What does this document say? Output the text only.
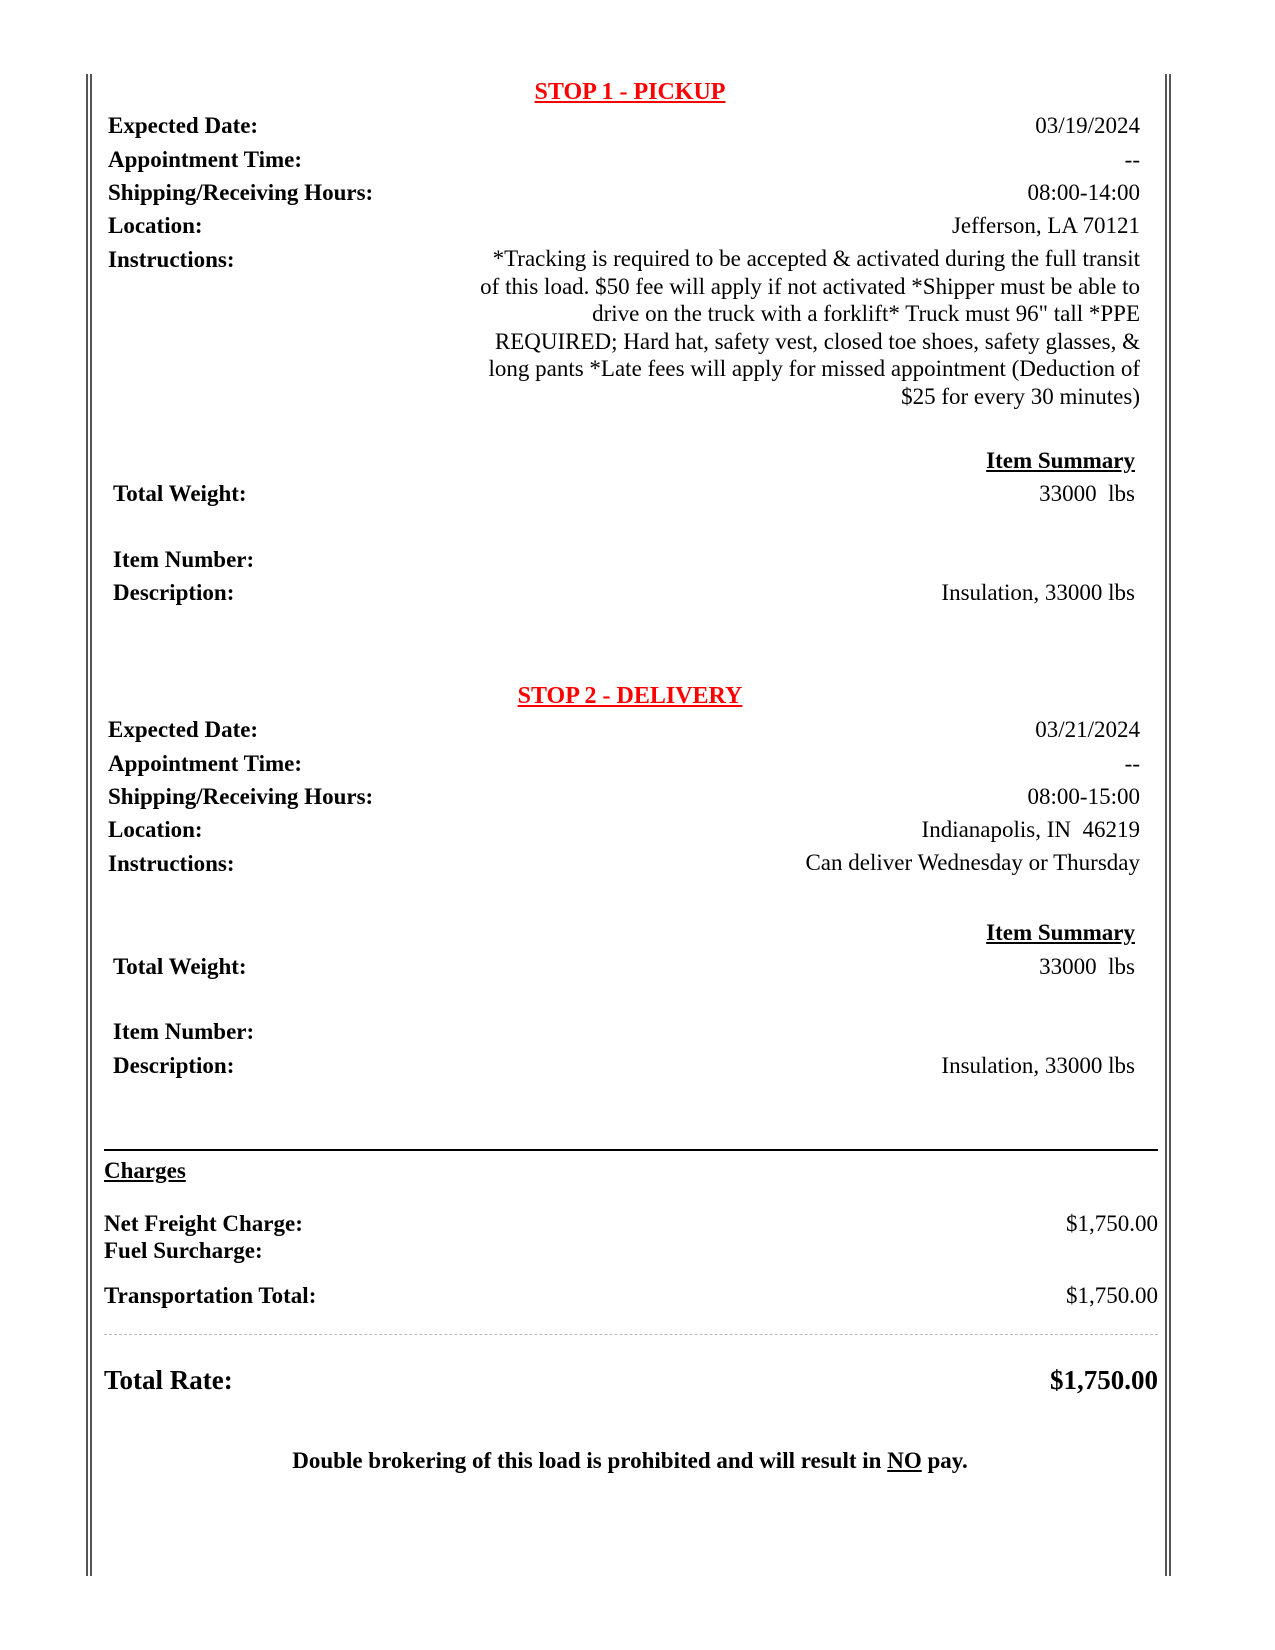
STOP 1 - PICKUP
Expected Date:	03/19/2024
Appointment Time:	--
Shipping/Receiving Hours:	08:00-14:00
Location:	Jefferson, LA 70121
Instructions:	*Tracking is required to be accepted & activated during the full transit
of this load. $50 fee will apply if not activated *Shipper must be able to
drive on the truck with a forklift* Truck must 96" tall *PPE
REQUIRED; Hard hat, safety vest, closed toe shoes, safety glasses, &
long pants *Late fees will apply for missed appointment (Deduction of
$25 for every 30 minutes)
Item Summary
Total Weight:	33000  lbs
Item Number:
Description:	Insulation, 33000 lbs
STOP 2 - DELIVERY
Expected Date:	03/21/2024
Appointment Time:	--
Shipping/Receiving Hours:	08:00-15:00
Location:	Indianapolis, IN  46219
Instructions:	Can deliver Wednesday or Thursday
Item Summary
Total Weight:	33000  lbs
Item Number:
Description:	Insulation, 33000 lbs
Charges
Net Freight Charge:	$1,750.00
Fuel Surcharge:
Transportation Total:	$1,750.00
Total Rate:	$1,750.00
Double brokering of this load is prohibited and will result in NO pay.
